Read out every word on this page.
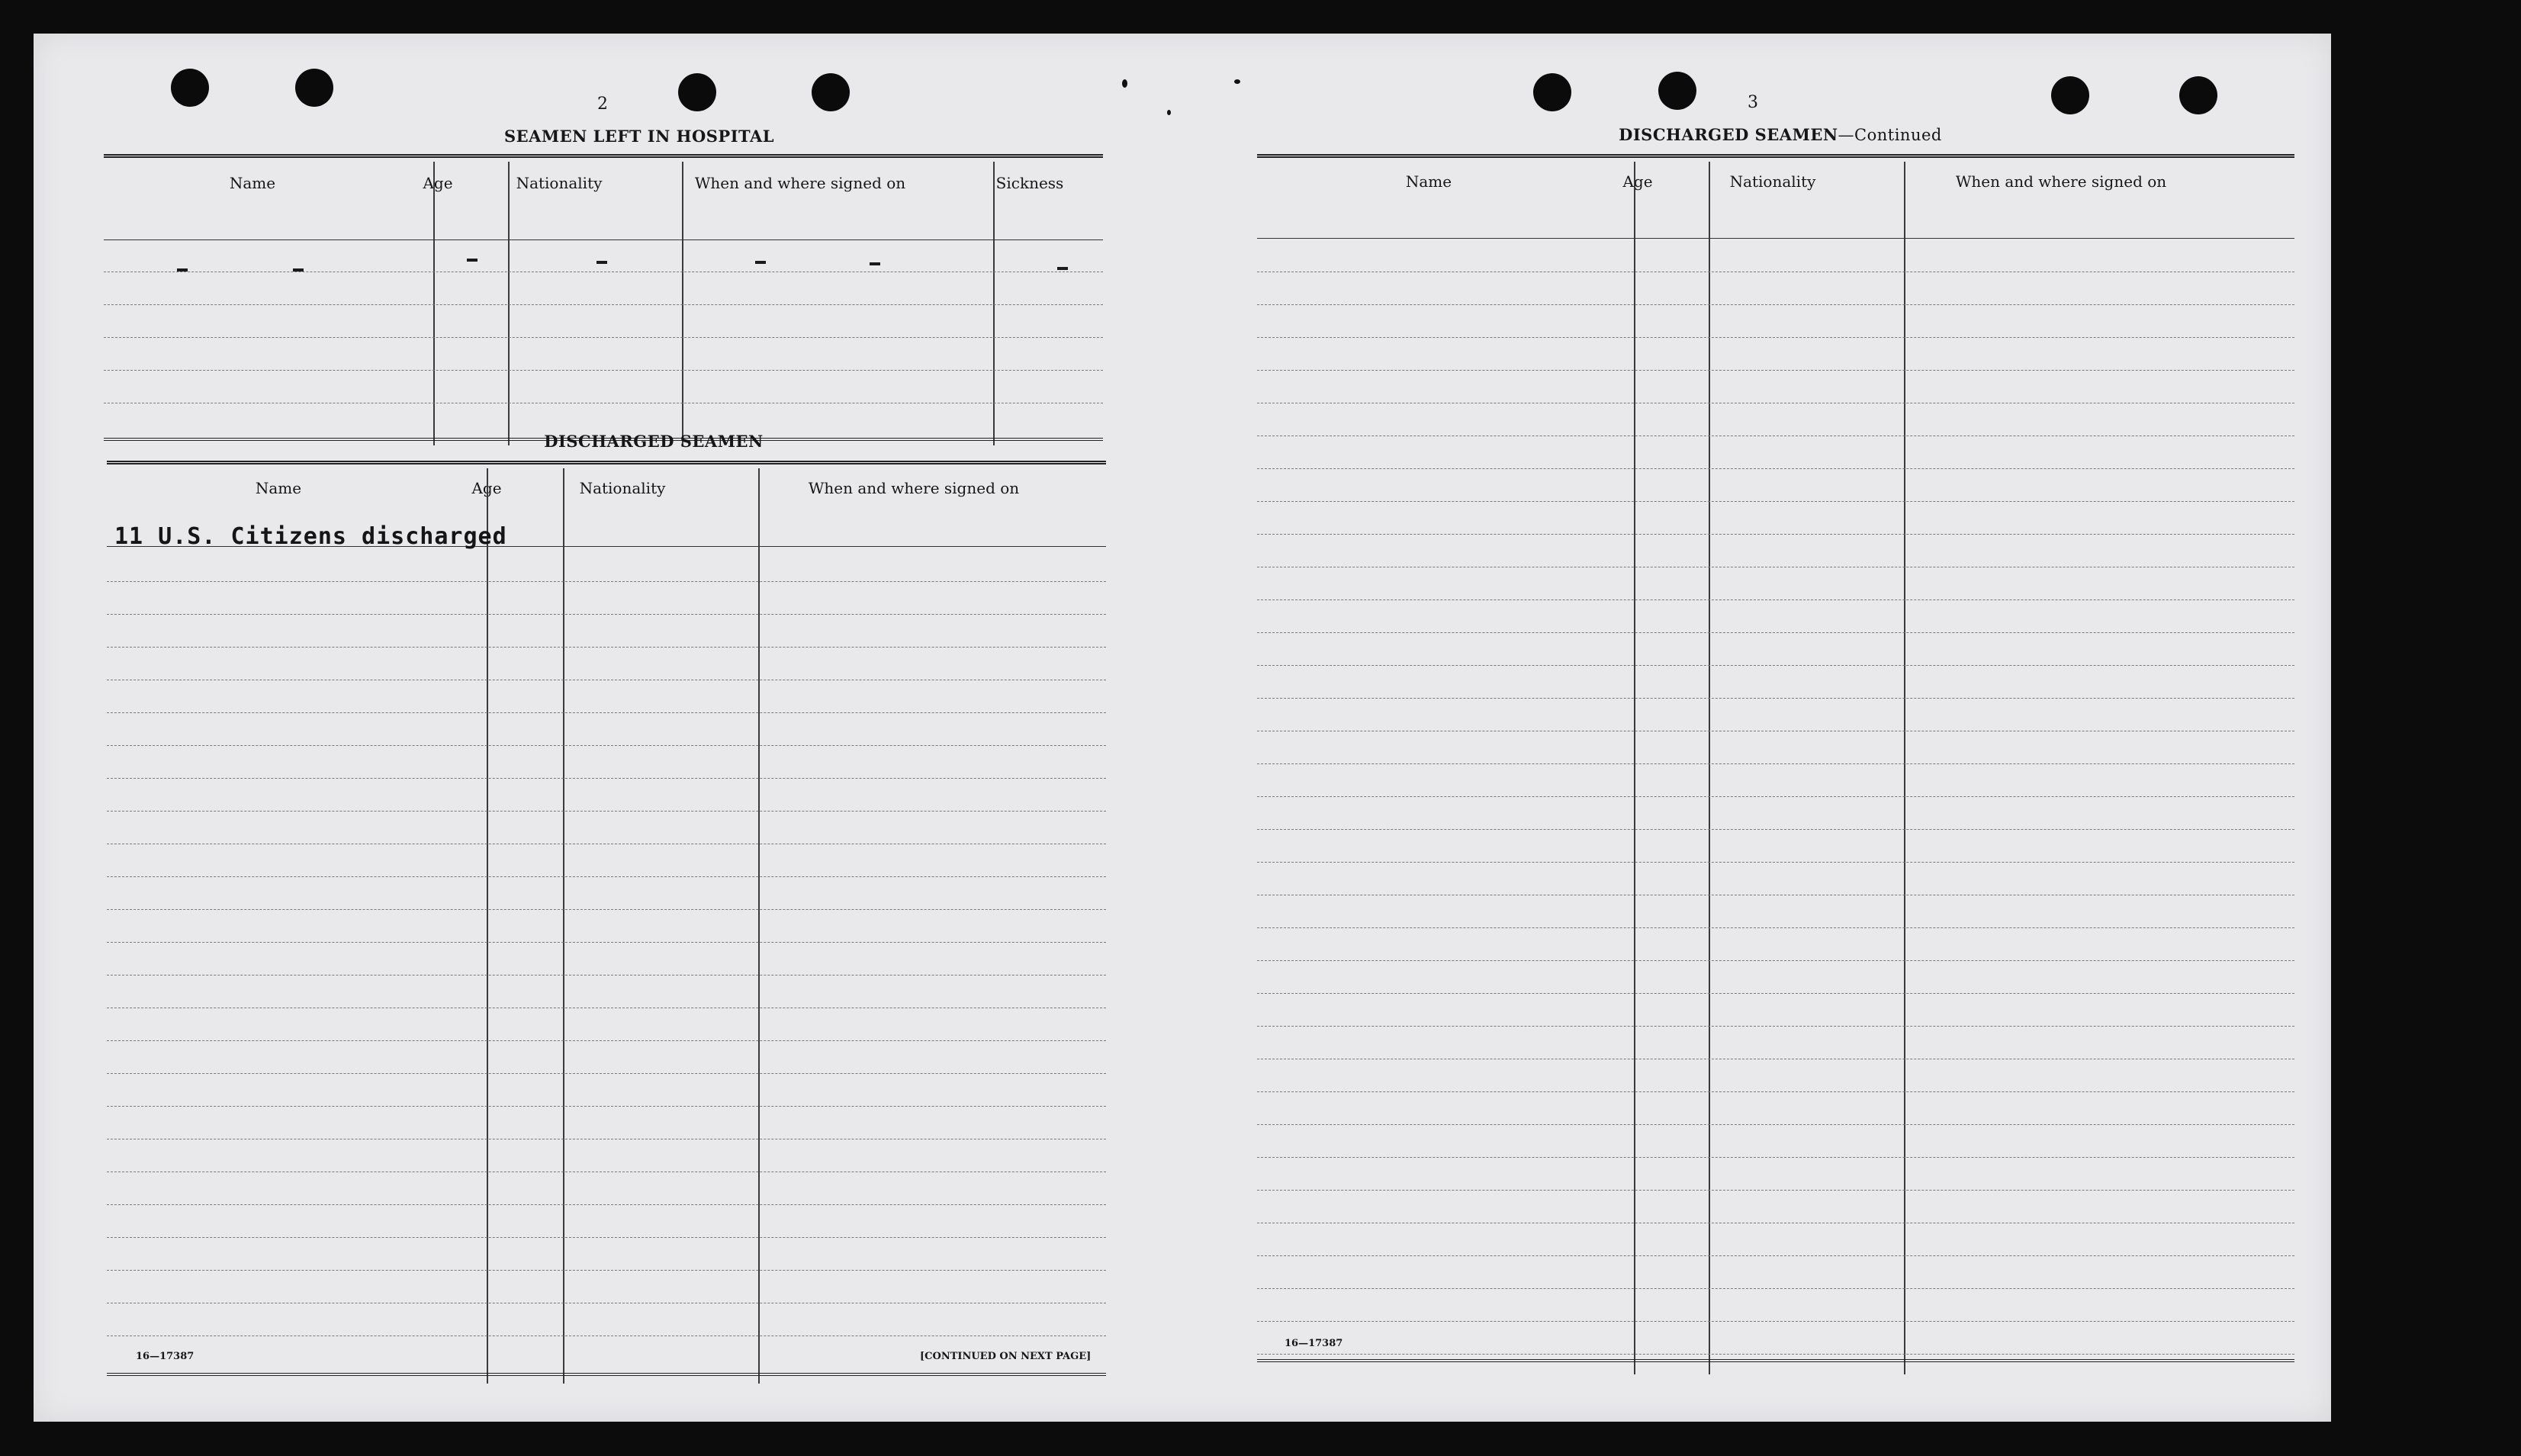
2
SEAMEN LEFT IN HOSPITAL
Name	Age	Nationality	When and where signed on	Sickness
DISCHARGED SEAMEN
Name	Age	Nationality	When and where signed on
11 U.S. Citizens discharged
16—17387	[CONTINUED ON NEXT PAGE]
3
DISCHARGED SEAMEN—Continued
Name	Age	Nationality	When and where signed on
16—17387
